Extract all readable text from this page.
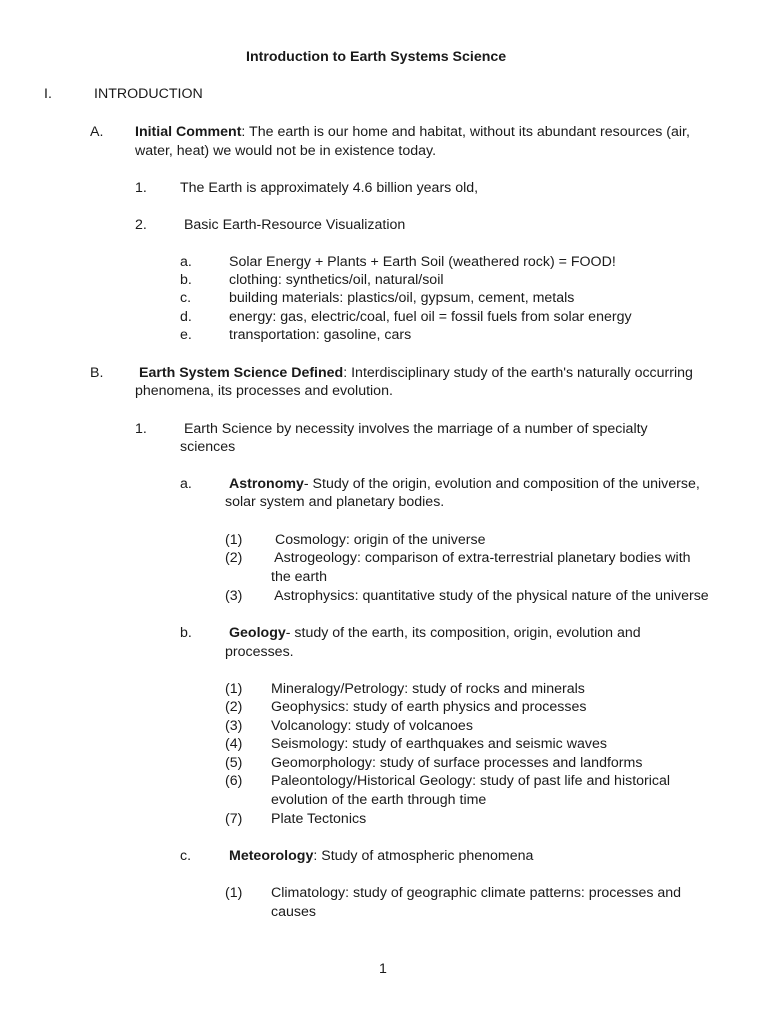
Introduction to Earth Systems Science
I.	INTRODUCTION
A. Initial Comment: The earth is our home and habitat, without its abundant resources (air,
water, heat) we would not be in existence today.
1. The Earth is approximately 4.6 billion years old,
2. Basic Earth-Resource Visualization
a.	Solar Energy + Plants + Earth Soil (weathered rock) = FOOD!
b.	clothing: synthetics/oil, natural/soil
c.	building materials: plastics/oil, gypsum, cement, metals
d.	energy: gas, electric/coal, fuel oil = fossil fuels from solar energy
e.	transportation: gasoline, cars
B.	Earth System Science Defined: Interdisciplinary study of the earth's naturally occurring
phenomena, its processes and evolution.
1. Earth Science by necessity involves the marriage of a number of specialty
sciences
a.	Astronomy- Study of the origin, evolution and composition of the universe,
solar system and planetary bodies.
(1) Cosmology: origin of the universe
(2) Astrogeology: comparison of extra-terrestrial planetary bodies with
the earth
(3) Astrophysics: quantitative study of the physical nature of the universe
b.	Geology- study of the earth, its composition, origin, evolution and
processes.
(1) Mineralogy/Petrology: study of rocks and minerals
(2) Geophysics: study of earth physics and processes
(3) Volcanology: study of volcanoes
(4) Seismology: study of earthquakes and seismic waves
(5) Geomorphology: study of surface processes and landforms
(6) Paleontology/Historical Geology: study of past life and historical
evolution of the earth through time
(7) Plate Tectonics
c.	Meteorology: Study of atmospheric phenomena
(1) Climatology: study of geographic climate patterns: processes and
causes
1
